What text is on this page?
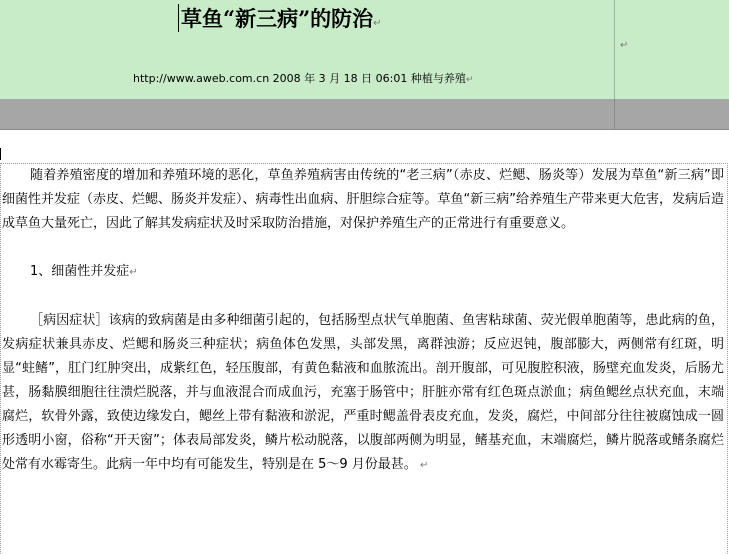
草鱼“新三病”的防治↵
↵
http://www.aweb.com.cn 2008 年 3 月 18 日 06:01 种植与养殖↵

随着养殖密度的增加和养殖环境的恶化，草鱼养殖病害由传统的“老三病”（赤皮、烂鳃、肠炎等）发展为草鱼“新三病”即细菌性并发症（赤皮、烂鳃、肠炎并发症）、病毒性出血病、肝胆综合症等。草鱼“新三病”给养殖生产带来更大危害，发病后造成草鱼大量死亡，因此了解其发病症状及时采取防治措施，对保护养殖生产的正常进行有重要意义。

1、细菌性并发症↵

［病因症状］该病的致病菌是由多种细菌引起的，包括肠型点状气单胞菌、鱼害粘球菌、荧光假单胞菌等，患此病的鱼，发病症状兼具赤皮、烂鳃和肠炎三种症状；病鱼体色发黑，头部发黑，离群浊游；反应迟钝，腹部膨大，两侧常有红斑，明显“蛀鳍”，肛门红肿突出，成紫红色，轻压腹部，有黄色黏液和血脓流出。剖开腹部，可见腹腔积液，肠壁充血发炎，后肠尤甚，肠黏膜细胞往往溃烂脱落，并与血液混合而成血污，充塞于肠管中；肝脏亦常有红色斑点淤血；病鱼鳃丝点状充血，末端腐烂，软骨外露，致使边缘发白，鳃丝上带有黏液和淤泥，严重时鳃盖骨表皮充血，发炎，腐烂，中间部分往往被腐蚀成一圆形透明小窗，俗称“开天窗”；体表局部发炎，鳞片松动脱落，以腹部两侧为明显，鳍基充血，末端腐烂，鳞片脱落或鳍条腐烂处常有水霉寄生。此病一年中均有可能发生，特别是在 5～9 月份最甚。 ↵
